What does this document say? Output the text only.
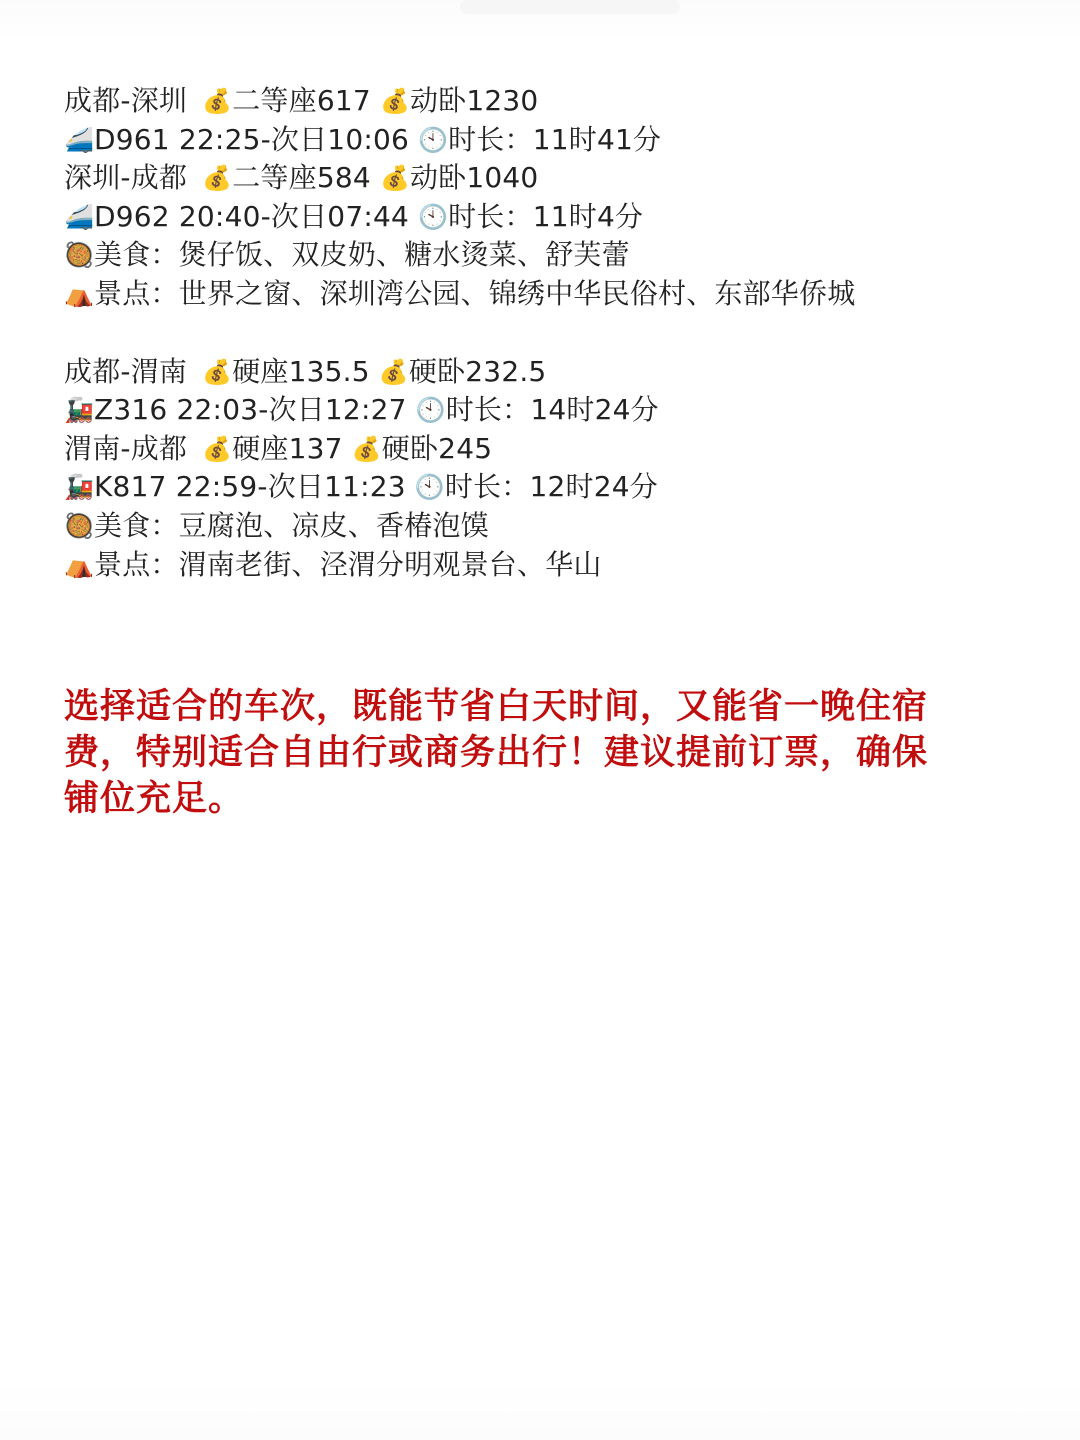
成都-深圳 💰二等座617 💰动卧1230
🚄D961 22:25-次日10:06 🕙时长：11时41分
深圳-成都 💰二等座584 💰动卧1040
🚄D962 20:40-次日07:44 🕙时长：11时4分
🥘美食：煲仔饭、双皮奶、糖水烫菜、舒芙蕾
⛺景点：世界之窗、深圳湾公园、锦绣中华民俗村、东部华侨城
成都-渭南 💰硬座135.5 💰硬卧232.5
🚂Z316 22:03-次日12:27 🕙时长：14时24分
渭南-成都 💰硬座137 💰硬卧245
🚂K817 22:59-次日11:23 🕙时长：12时24分
🥘美食：豆腐泡、凉皮、香椿泡馍
⛺景点：渭南老街、泾渭分明观景台、华山
选择适合的车次，既能节省白天时间，又能省一晚住宿费，特别适合自由行或商务出行！建议提前订票，确保铺位充足。
